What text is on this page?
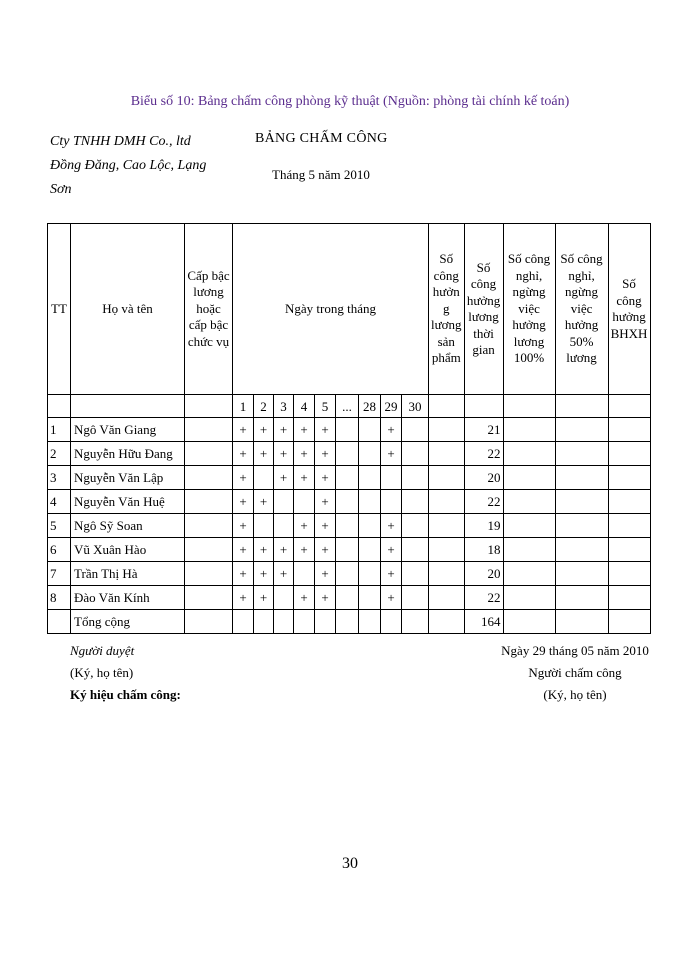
Biểu số 10: Bảng chấm công phòng kỹ thuật (Nguồn: phòng tài chính kế toán)
Cty TNHH DMH Co., ltd
Đồng Đăng, Cao Lộc, Lạng
Sơn
BẢNG CHẤM CÔNG
Tháng 5 năm 2010
TT	Họ và tên	Cấp bậc lương hoặc cấp bậc chức vụ	Ngày trong tháng									Số công hưởn g lương sản phẩm	Số công hưởng lương thời gian	Số công nghỉ, ngừng việc hưởng lương 100%	Số công nghỉ, ngừng việc hưởng 50% lương	Số công hưởng BHXH
			1	2	3	4	5	...	28	29	30					
1	Ngô Văn Giang		+	+	+	+	+			+			21			
2	Nguyễn Hữu Đang		+	+	+	+	+			+			22			
3	Nguyễn Văn Lập		+		+	+	+						20			
4	Nguyễn Văn Huệ		+	+			+						22			
5	Ngô Sỹ Soan		+			+	+			+			19			
6	Vũ Xuân Hào		+	+	+	+	+			+			18			
7	Trần Thị Hà		+	+	+		+			+			20			
8	Đào Văn Kính		+	+		+	+			+			22			
	Tổng cộng												164			
Người duyệt
(Ký, họ tên)
Ký hiệu chấm công:
Ngày 29 tháng 05 năm 2010
Người chấm công
(Ký, họ tên)
30
